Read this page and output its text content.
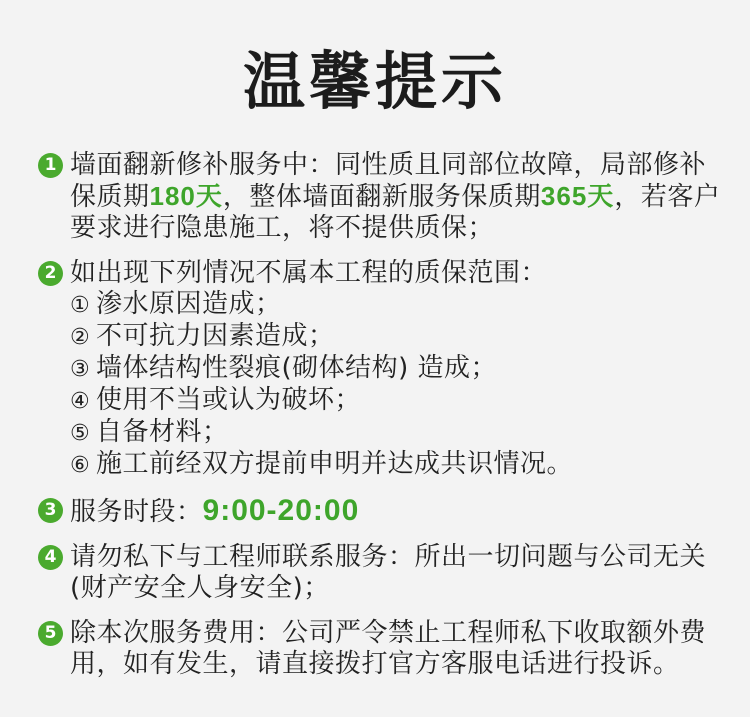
温馨提示
1 墙面翻新修补服务中：同性质且同部位故障，局部修补保质期180天，整体墙面翻新服务保质期365天，若客户要求进行隐患施工，将不提供质保；
2 如出现下列情况不属本工程的质保范围：
① 渗水原因造成；
② 不可抗力因素造成；
③ 墙体结构性裂痕(砌体结构) 造成；
④ 使用不当或认为破坏；
⑤ 自备材料；
⑥ 施工前经双方提前申明并达成共识情况。
3 服务时段：9:00-20:00
4 请勿私下与工程师联系服务：所出一切问题与公司无关(财产安全人身安全)；
5 除本次服务费用：公司严令禁止工程师私下收取额外费用，如有发生，请直接拨打官方客服电话进行投诉。
